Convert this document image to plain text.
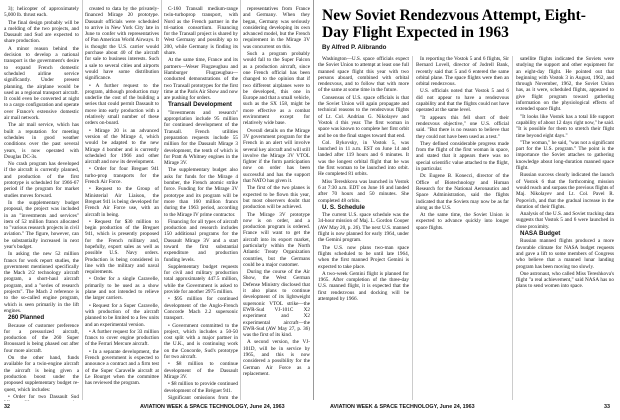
3); helicopter of approximately 5,000 lb. thrust each.

The final design probably will be a melding of the two projects, and Dassault and Sud are expected to share production.

A minor reason behind the decision to develop a national transport is the government's desire to expand French domestic scheduled airline service significantly. Under present planning, the airplane would be used as a regional transport aircraft. It could even be converted at night to a cargo configuration and operate over France's extensive domestic air mail network.

The air mail service, which has built a reputation for meeting schedules in good weather conditions over the past several years, is now operated with Douglas DC-3s.

No crash program has developed if the aircraft is currently planned, and production of the first prototype is scheduled for 1966-67 period if the program for market studies moves forward.

In the supplementary budget proposal, the project was included in an "investments and services" item of 52 million francs allocated to "various research projects in civil aviation." The figure, however, can be substantially increased in next year's budget.

In asking the new 52 million francs for work report studies, the government mentioned specifically the Mach 2/2 technology aircraft program, a short-haul aircraft program, and a "series of research projects". The Mach 2 reference is to the so-called engine program, which is seen primarily in the lift engines.

260 Planned

Because of customer preference for a pressurized aircraft, production of the 260 Super Broussard is being phased out after four more aircraft.

On the other hand, funds available for a twin-engine aircraft the aircraft is being given a production boost under the proposed supplementary budget re-quest, which includes:

• Order for two Dassault Sud

created to data by the privately-financed Mirage 20 prototype. Dassault officials were scheduled to arrive in New York City late in June to confer with representatives of Pan American World Airways. It is thought the U.S. carrier would purchase about 40 of the aircraft for sale to business interests. Such a sale to several cities and airports would have some distribution significance.

• A further request to the program, although production may underlie the cost of the building a series that could permit Dassault to move into early production with a relatively small number of these orders on-board.

• Mirage 20 is an advanced version of the Mirage 4, which would be adapted to the new Mirage 4 bomber and is currently scheduled for 1966 and other aircraft and now its development.

• Order for four Breguet 941 turbo-prop transports for the French Air Force.

• Request to the Group of Ministerial Air Liaison, the Breguet 941 is being developed for French Air Force use, with an aircraft in being.

• Request for $30 million to begin production of the Breguet 941, which is presently proposed for the French military and, hopefully, export sales as well as possible U.S. Navy orders. Production is being considered in line with the military and naval requirements.

• Order for a single Caravelle, primarily to be used as a show plane and not intended to relieve the larger carriers.

• Request for a Super Caravelle, with production of the aircraft planned to be limited to a few units and an experimental version.

• A further request for 33 million francs to cover engine production of the Ferrari Mercure aircraft.

• In a separate development, the French government is expected to announce a contract and a firm test of the Super Caravelle aircraft at Le Bourget when the committee has reviewed the program.

C-160 Transall medium-range twin-turboprop transport, with Nord as the French partner in the tri-nation consortium. Financing for the Transall project is shared by West Germany and possibly up to 200, while Germany is finding its share.

At the same time, France and its partners—Weser Flugzeugbau and Hamburger Flugzeugbau—conducted demonstrations of the two Transall prototypes for the first time at the Paris Air Show and now are pushing for orders.

Transall Development

"Investments and research" appropriation include 95 million for continued development of the Transall. French utilities preparation requests include 55 million for the Dassault Mirage 3 development, the tenth of which is for Pratt & Whitney engines in the Mirage 3V.

The supplementary budget also asks for funds for the Mirage 4 bomber, the French atomic strike force. Funding for the Mirage 3V prototype and its program will be more than 160 million francs during the 1963 period, according to the Mirage IV prime contractor.

Financing for all types of aircraft production and research includes 150 additional programs for the Dassault Mirage 3V and a start toward the first substantial expenditure and production funding levels.

Supplementary budget requests for civil and military production total approximately 447.5 million, while the Government is asked to provide for another 2975 million.

• $95 million for continued development of the Anglo-French Concorde Mach 2.2 supersonic transport.

• Government committed to the project, which includes a 50-50 cost split with a major partner in the U.K., and is continuing work on the Concorde, Sud's prototype for two aircraft.

• $8 million to continue development of the Dassault Mirage 3V.

• $8 million to provide continued development of the Bréguet 941.

Significant omissions from the

representatives from France and Germany. When they began, Germany was seriously considering developing its own advanced model, but the French requirement in the Mirage 3V was concurrent on this.

Such a program probably would fall to the Super Falcon as a production aircraft, since one French official has been changed to the opinion that if two different airplanes were to be developed, this one in Europe and that a small vehicle, such as the SX 158, might be more effective as a combat environment except for relatively wide base.

Overall details on the Mirage 3V government program for the French in an alert will involve several key aircraft and will still involve the Mirage 3V VTOL fighter if the form participation now on order has been successful and has the support that NATO has given it.

The first of the two planes is expected to be flown this year, but most observers doubt that production will be achieved.

The Mirage 3V prototype now is on order, and a production program is ordered. France will want to get the aircraft into its export market, particularly within the North Atlantic Treaty Organization countries, but the Germans could be a major customer.

During the course of the Air Show, the West German Defense Ministry disclosed that it also plans to continue development of its lightweight supersonic VTOL strike—the EWR-Sud VJ-101C X2 experiment and X2 experimental aircraft—the EWR-Sud (AW May 27, p. 36) was the first of its kind.

A second version, the VJ-101D, will be in service by 1965, and this is now considered a possibility for the German Air Force as a replacement.

New Soviet Rendezvous Attempt, Eight-Day Flight Expected in 1963
By Alfred P. Alibrando

Washington—U.S. space officials expect the Soviet Union to attempt at least one full manned space flight this year with two persons aboard, combined with orbital rendezvous, and to follow that with more of the same at some time in the future.

Consensus of U.S. space officials is that the Soviet Union will again propagate and technical reasons to the rendezvous flights of Lt. Col. Andrian G. Nikolayev and Vostok 4 this year. The first woman in space was known to complete her first orbit and be on the final stages toward that end.

Col. Bykovsky, in Vostok 5, was launched in 11 a.m. EST on June 14 and landed after 119 hours and 6 minutes. It was the longest orbital flight that he was the first woman to be launched into orbit. He completed 81 orbits.

Miss Tereshkova was launched in Vostok 6 at 7:30 a.m. EDT on June 16 and landed after 70 hours and 50 minutes. She completed 48 orbits.

U. S. Schedule

The current U.S. space schedule was the 34-hour mission of Maj. L. Gordon Cooper (AW May 20, p. 26). The next U.S. manned flight is now planned for early 1964, under the Gemini program.

The U.S. now plans two-man space flights scheduled to be until late 1964, when the first manned Project Gemini is expected to take place.

A two-week Gemini flight is planned for 1965. After completion of the three-day U.S. manned flight, it is expected that the first rendezvous and docking will be attempted by 1966.

In reporting the Vostok 5 and 6 flights, Sir Bernard Lovell, director of Jodrell Bank, recently said that 5 and 6 entered the same orbital plane. The space flights were then an orbital rendezvous.

U.S. officials noted that Vostok 5 and 6 did not appear to have a rendezvous capability and that the flights could not have operated at the same level.

"It appears this fell short of their rendezvous objective," one U.S. official said. "But there is no reason to believe that they could not have been used as a test."

They defined considerable progress made from the flight of the first woman in space, and stated that it appears there was no special scientific value attached to the flight, in particular.

Dr. Eugene B. Konecci, director of the Office of Biotechnology and Human Research for the National Aeronautics and Space Administration, said the flights indicated that the Soviets may now be as far along as the U.S.

At the same time, the Soviet Union is expected to advance quickly into longer space flights.

satellite flights indicated the Soviets were studying the support and other equipment for an eight-day flight. He pointed out that beginning with Vostok 3 in August, 1962, and through November, 1962, the Soviet Union has, as it were, scheduled flights, appeared to give flight program toward gathering information on the physiological effects of extended space flight.

"It looks like Vostok has a total life support capability of about 12 days right now," he said. "It is possible for them to stretch their flight time beyond eight days."

"The woman," he said, "was not a significant part for the U.S. program." The point is the importance the Soviet attaches to gathering knowledge about long-duration manned space flight.

Russian success clearly indicated the launch of Vostok 6 that the forthcoming mission would reach and surpass the previous flights of Maj. Nikolayev and Lt. Col. Pavel R. Popovich, and that the gradual increase in the duration of their flights.

Analysis of the U.S. and Soviet tracking data suggests that Vostok 5 and 6 were launched in close proximity.

NASA Budget

Russian manned flights produced a more favorable climate for NASA budget requests and gave a lift to some members of Congress who believe that a manned lunar landing program has been moving too slowly.

One astronaut, who called Miss Tereshkova's flight "a real achievement," said NASA has no plans to send women into space.

32	AVIATION WEEK & SPACE TECHNOLOGY, June 24, 1963	AVIATION WEEK & SPACE TECHNOLOGY, June 24, 1963	33
